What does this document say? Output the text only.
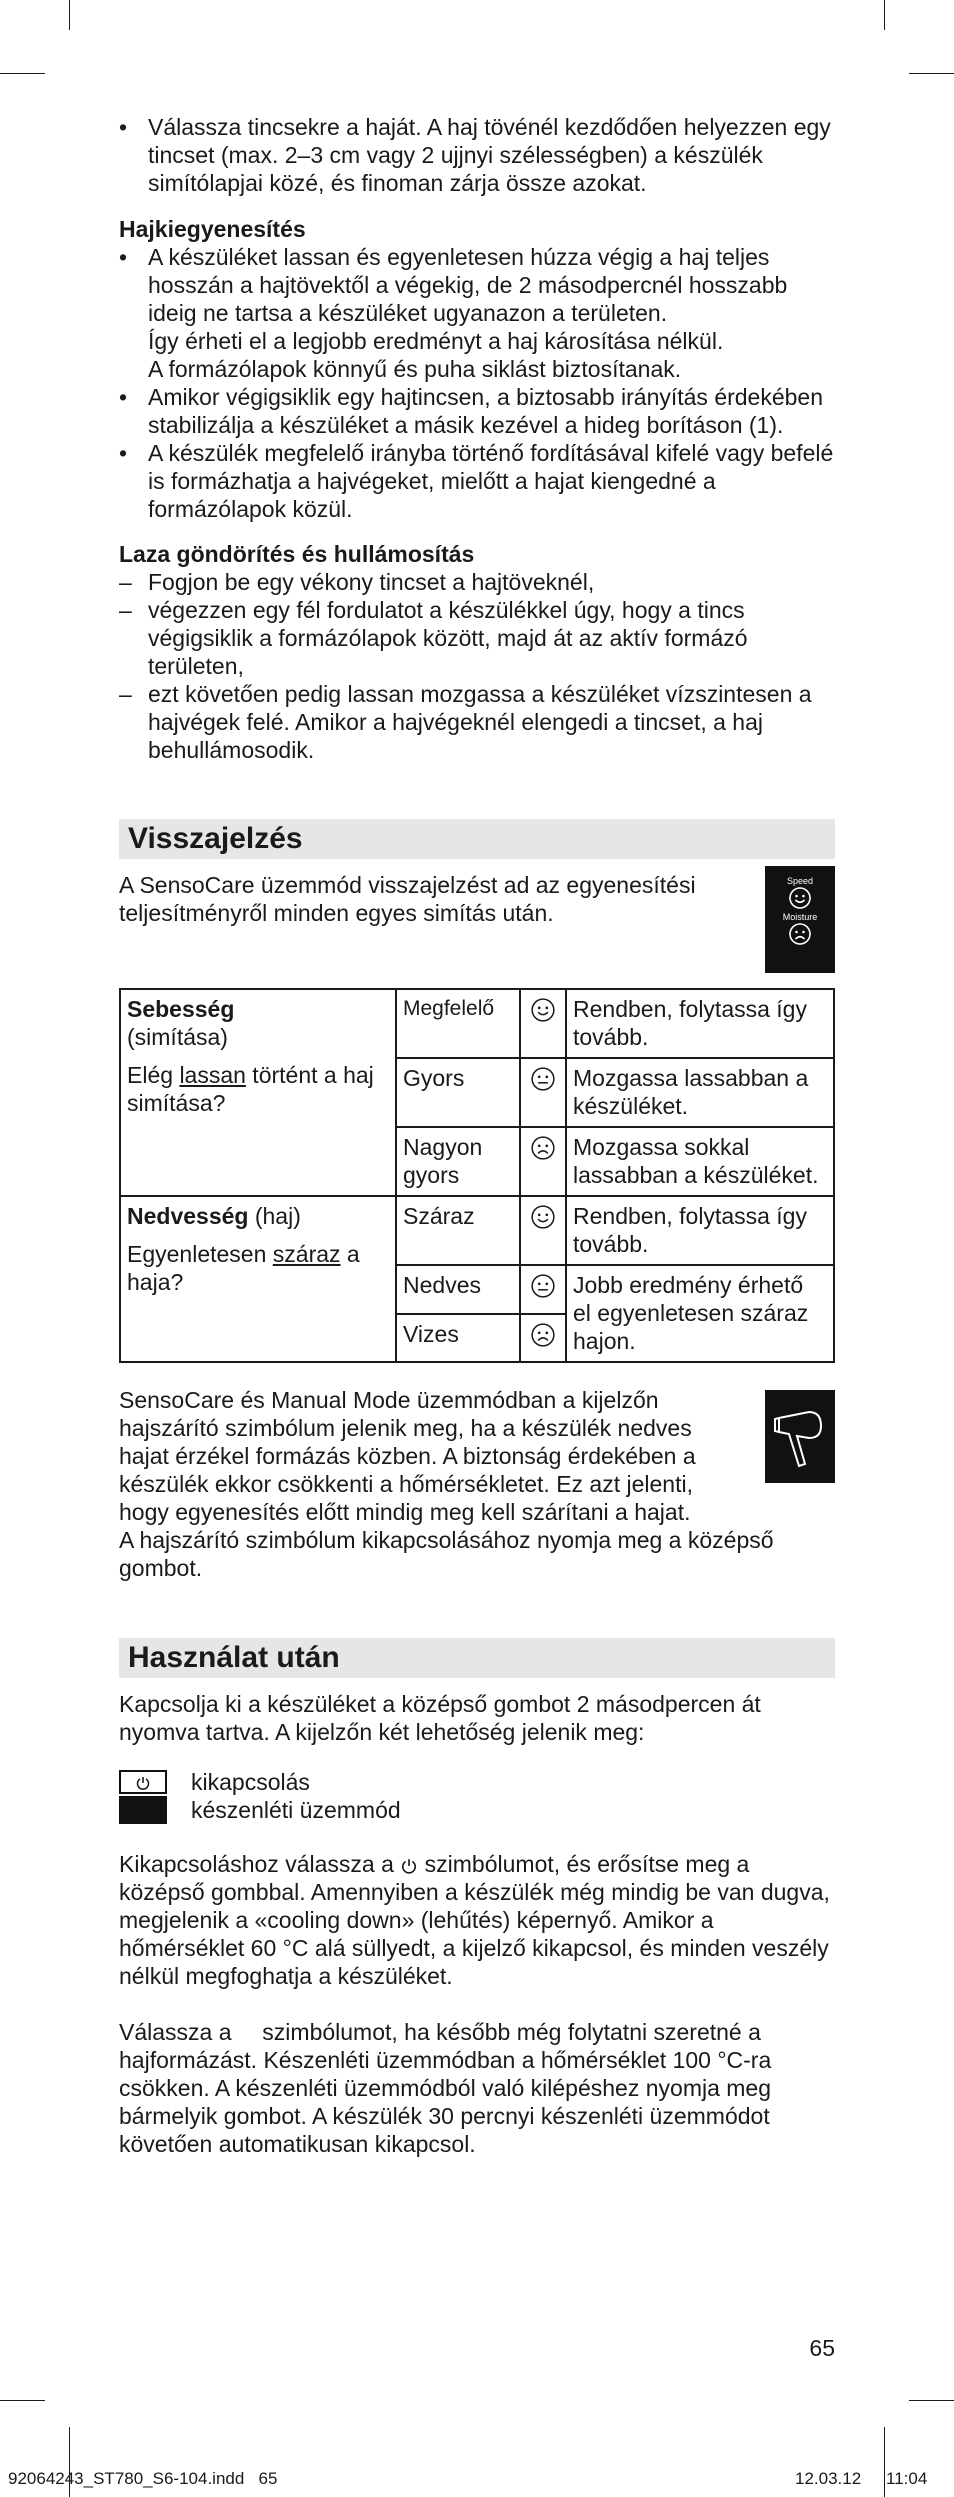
• Válassza tincsekre a haját. A haj tövénél kezdődően helyezzen egy tincset (max. 2–3 cm vagy 2 ujjnyi szélességben) a készülék simítólapjai közé, és finoman zárja össze azokat.

Hajkiegyenesítés

• A készüléket lassan és egyenletesen húzza végig a haj teljes hosszán a hajtövektől a végekig, de 2 másodpercnél hosszabb ideig ne tartsa a készüléket ugyanazon a területen.
Így érheti el a legjobb eredményt a haj károsítása nélkül.
A formázólapok könnyű és puha siklást biztosítanak.
• Amikor végigsiklik egy hajtincsen, a biztosabb irányítás érdekében stabilizálja a készüléket a másik kezével a hideg borításon (1).
• A készülék megfelelő irányba történő fordításával kifelé vagy befelé is formázhatja a hajvégeket, mielőtt a hajat kiengedné a formázólapok közül.

Laza göndörítés és hullámosítás

– Fogjon be egy vékony tincset a hajtöveknél,
– végezzen egy fél fordulatot a készülékkel úgy, hogy a tincs végigsiklik a formázólapok között, majd át az aktív formázó területen,
– ezt követően pedig lassan mozgassa a készüléket vízszintesen a hajvégek felé. Amikor a hajvégeknél elengedi a tincset, a haj behullámosodik.
Visszajelzés

A SensoCare üzemmód visszajelzést ad az egyenesítési teljesítményről minden egyes simítás után.

Speed
Moisture
Sebesség
(simítása)

Elég lassan történt a haj simítása?	Megfelelő		Rendben, folytassa így tovább.
	Gyors		Mozgassa lassabban a készüléket.
	Nagyon gyors		Mozgassa sokkal lassabban a készüléket.
Nedvesség (haj)

Egyenletesen száraz a haja?	Száraz		Rendben, folytassa így tovább.
	Nedves		Jobb eredmény érhető el egyenletesen száraz hajon.
	Vizes	

SensoCare és Manual Mode üzemmódban a kijelzőn hajszárító szimbólum jelenik meg, ha a készülék nedves hajat érzékel formázás közben. A biztonság érdekében a készülék ekkor csökkenti a hőmérsékletet. Ez azt jelenti, hogy egyenesítés előtt mindig meg kell szárítani a hajat.

A hajszárító szimbólum kikapcsolásához nyomja meg a középső gombot.

Használat után

Kapcsolja ki a készüléket a középső gombot 2 másodpercen át nyomva tartva. A kijelzőn két lehetőség jelenik meg:

kikapcsolás
készenléti üzemmód

Kikapcsoláshoz válassza a  szimbólumot, és erősítse meg a középső gombbal. Amennyiben a készülék még mindig be van dugva, megjelenik a «cooling down» (lehűtés) képernyő. Amikor a hőmérséklet 60 °C alá süllyedt, a kijelző kikapcsol, és minden veszély nélkül megfoghatja a készüléket.

Válassza a  szimbólumot, ha később még folytatni szeretné a hajformázást. Készenléti üzemmódban a hőmérséklet 100 °C-ra csökken. A készenléti üzemmódból való kilépéshez nyomja meg bármelyik gombot. A készülék 30 percnyi készenléti üzemmódot követően automatikusan kikapcsol.

65
92064243_ST780_S6-104.indd   65	12.03.12 11:04
